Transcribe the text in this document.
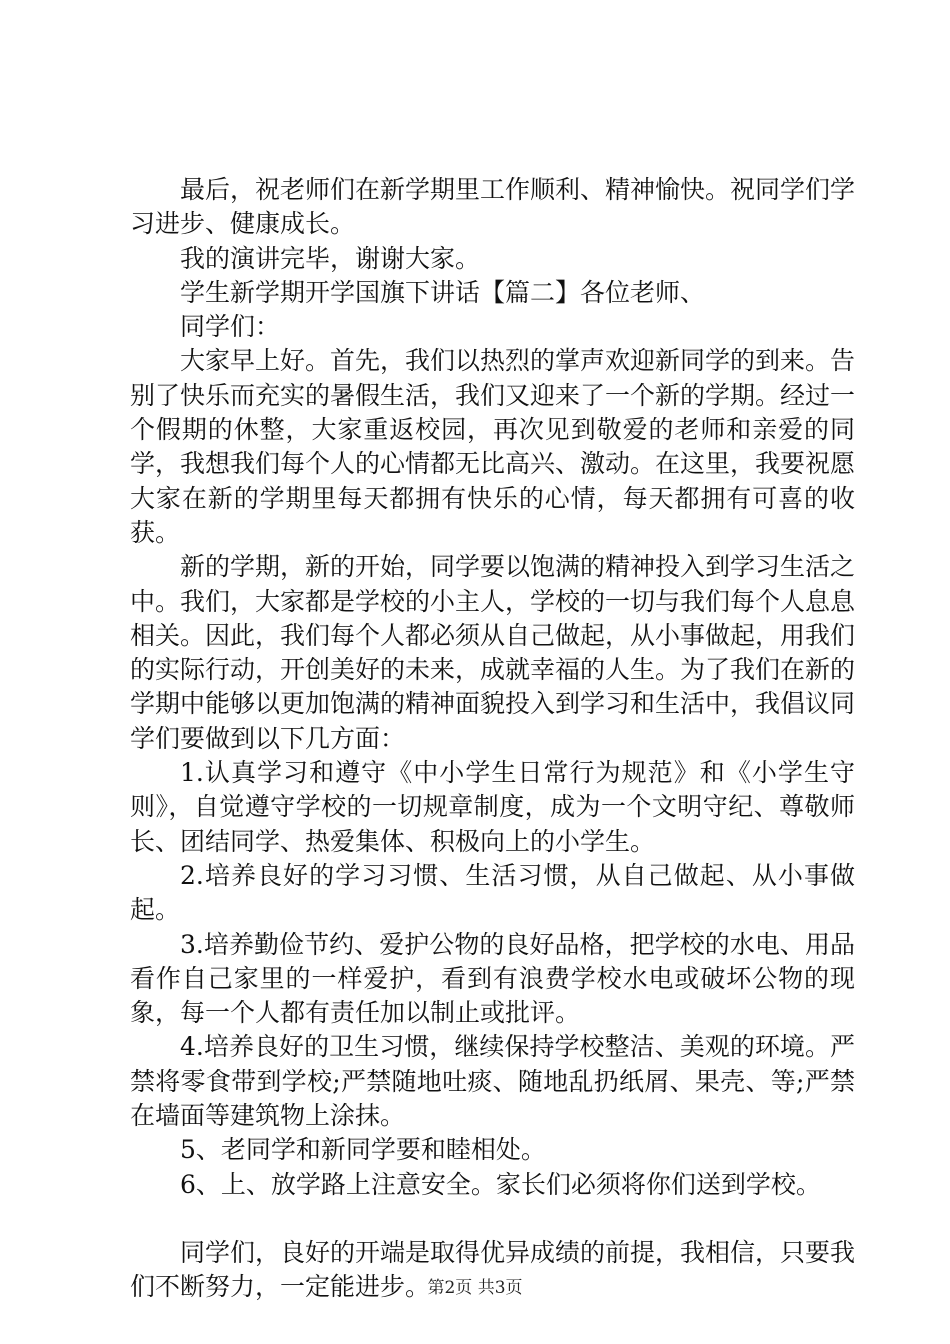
最后，祝老师们在新学期里工作顺利、精神愉快。祝同学们学习进步、健康成长。

我的演讲完毕，谢谢大家。

学生新学期开学国旗下讲话【篇二】各位老师、

同学们：

大家早上好。首先，我们以热烈的掌声欢迎新同学的到来。告别了快乐而充实的暑假生活，我们又迎来了一个新的学期。经过一个假期的休整，大家重返校园，再次见到敬爱的老师和亲爱的同学，我想我们每个人的心情都无比高兴、激动。在这里，我要祝愿大家在新的学期里每天都拥有快乐的心情，每天都拥有可喜的收获。

新的学期，新的开始，同学要以饱满的精神投入到学习生活之中。我们，大家都是学校的小主人，学校的一切与我们每个人息息相关。因此，我们每个人都必须从自己做起，从小事做起，用我们的实际行动，开创美好的未来，成就幸福的人生。为了我们在新的学期中能够以更加饱满的精神面貌投入到学习和生活中，我倡议同学们要做到以下几方面：

1.认真学习和遵守《中小学生日常行为规范》和《小学生守则》，自觉遵守学校的一切规章制度，成为一个文明守纪、尊敬师长、团结同学、热爱集体、积极向上的小学生。

2.培养良好的学习习惯、生活习惯，从自己做起、从小事做起。

3.培养勤俭节约、爱护公物的良好品格，把学校的水电、用品看作自己家里的一样爱护，看到有浪费学校水电或破坏公物的现象，每一个人都有责任加以制止或批评。

4.培养良好的卫生习惯，继续保持学校整洁、美观的环境。严禁将零食带到学校;严禁随地吐痰、随地乱扔纸屑、果壳、等;严禁在墙面等建筑物上涂抹。

5、老同学和新同学要和睦相处。

6、上、放学路上注意安全。家长们必须将你们送到学校。

同学们，良好的开端是取得优异成绩的前提，我相信，只要我们不断努力，一定能进步。

第2页 共3页
